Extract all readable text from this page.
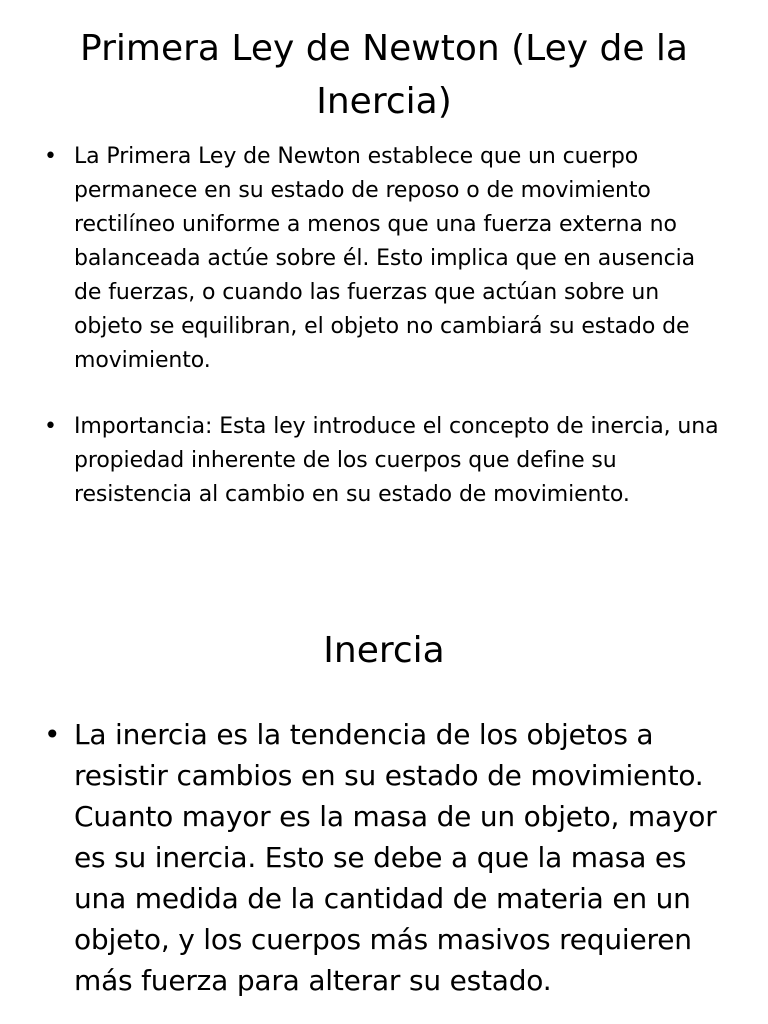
Primera Ley de Newton (Ley de la Inercia)
• La Primera Ley de Newton establece que un cuerpo permanece en su estado de reposo o de movimiento rectilíneo uniforme a menos que una fuerza externa no balanceada actúe sobre él. Esto implica que en ausencia de fuerzas, o cuando las fuerzas que actúan sobre un objeto se equilibran, el objeto no cambiará su estado de movimiento.
• Importancia: Esta ley introduce el concepto de inercia, una propiedad inherente de los cuerpos que define su resistencia al cambio en su estado de movimiento.
Inercia
• La inercia es la tendencia de los objetos a resistir cambios en su estado de movimiento. Cuanto mayor es la masa de un objeto, mayor es su inercia. Esto se debe a que la masa es una medida de la cantidad de materia en un objeto, y los cuerpos más masivos requieren más fuerza para alterar su estado.
